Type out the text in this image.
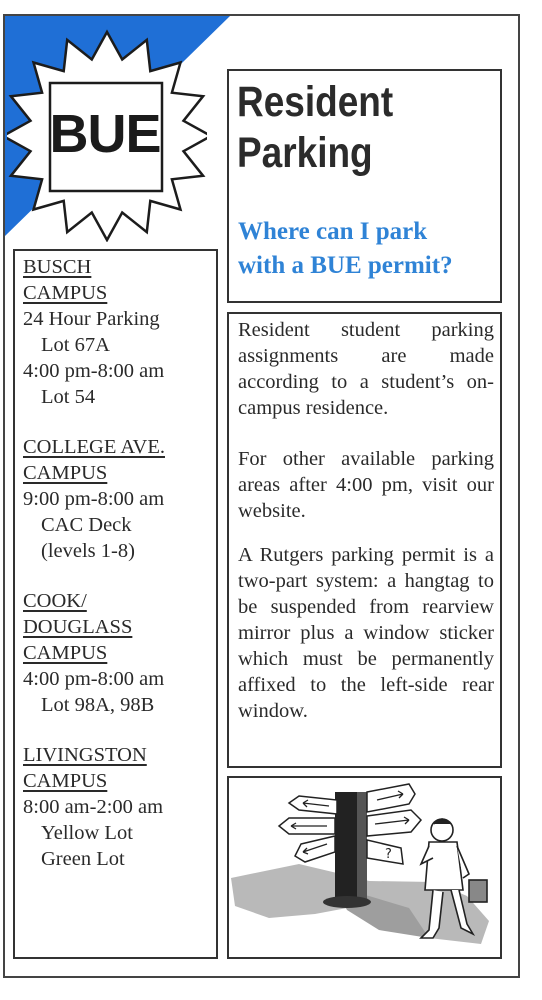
BUE
Resident
Parking
Where can I park
with a BUE permit?

Resident student parking assignments are made according to a student’s on-campus residence.

For other available parking areas after 4:00 pm, visit our website.

A Rutgers parking permit is a two-part system: a hangtag to be suspended from rearview mirror plus a window sticker which must be permanently affixed to the left-side rear window.

BUSCH

CAMPUS

24 Hour Parking

Lot 67A

4:00 pm-8:00 am

Lot 54

COLLEGE AVE.

CAMPUS

9:00 pm-8:00 am

CAC Deck

(levels 1-8)

COOK/

DOUGLASS

CAMPUS

4:00 pm-8:00 am

Lot 98A, 98B

LIVINGSTON

CAMPUS

8:00 am-2:00 am

Yellow Lot

Green Lot	?
